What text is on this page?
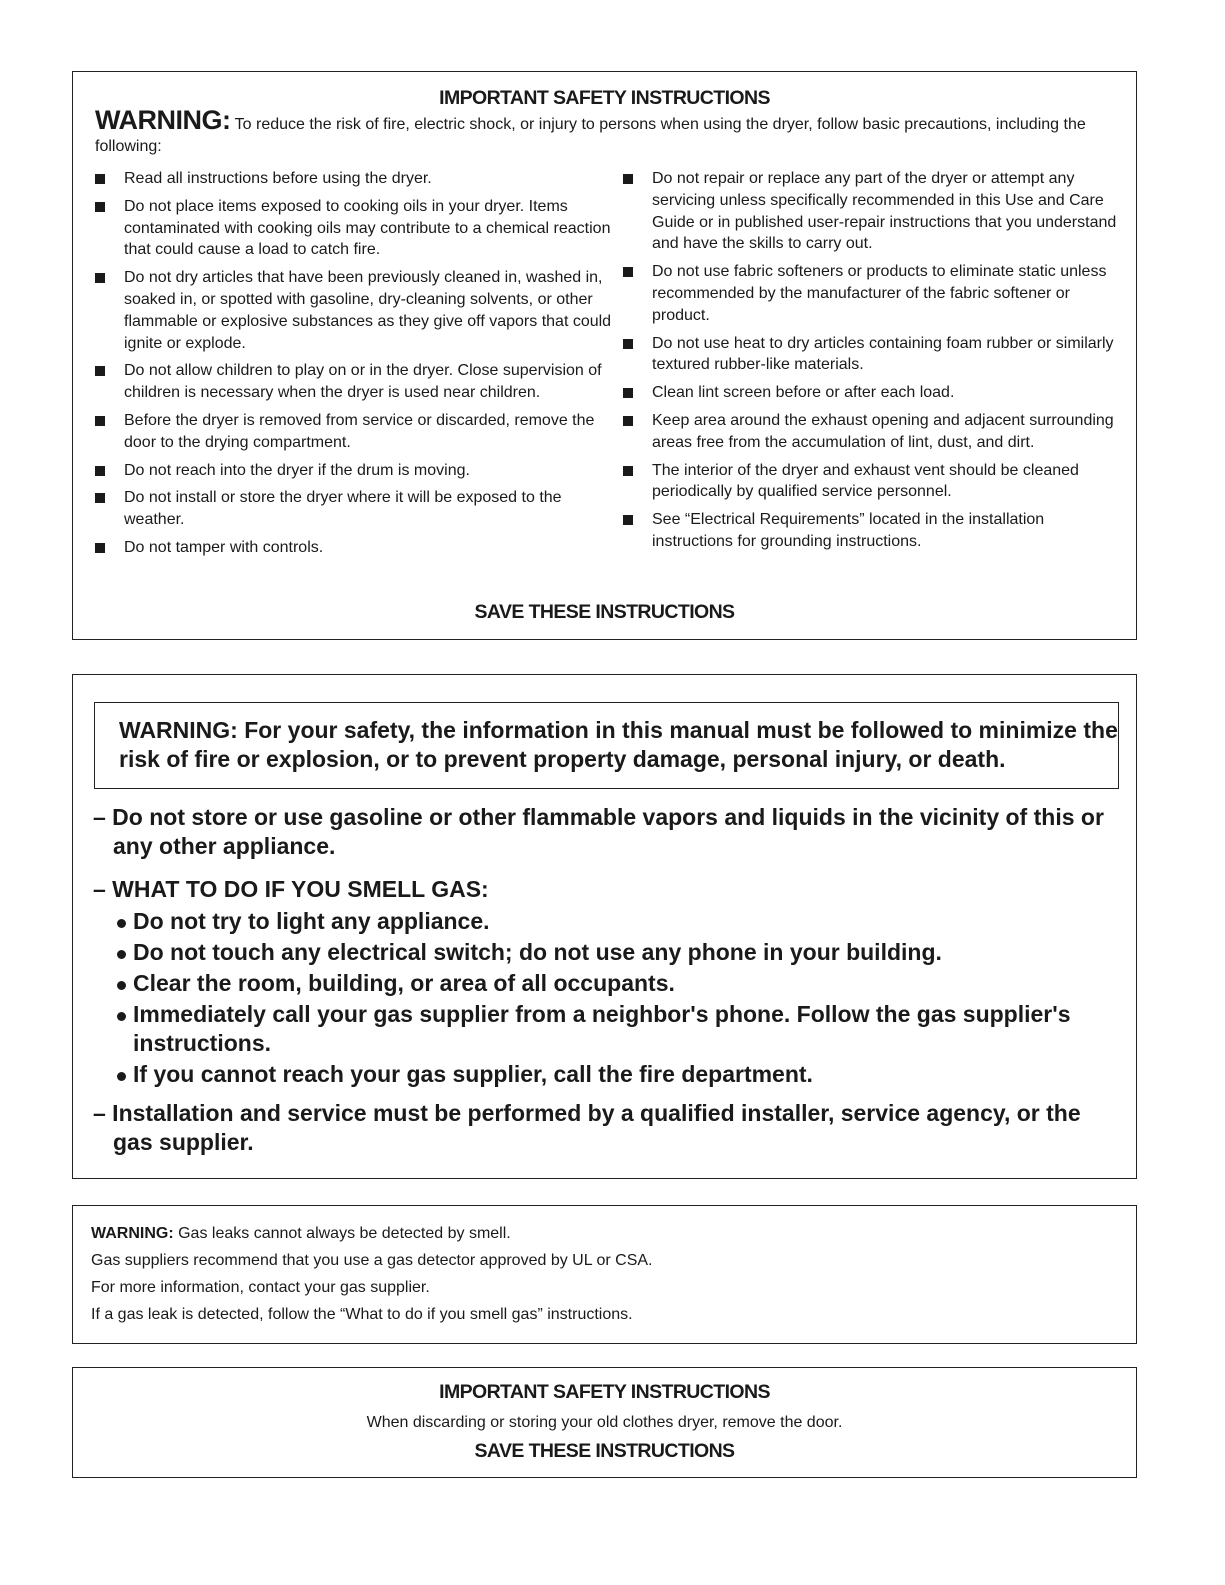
IMPORTANT SAFETY INSTRUCTIONS
WARNING: To reduce the risk of fire, electric shock, or injury to persons when using the dryer, follow basic precautions, including the following:
Read all instructions before using the dryer.
Do not place items exposed to cooking oils in your dryer. Items contaminated with cooking oils may contribute to a chemical reaction that could cause a load to catch fire.
Do not dry articles that have been previously cleaned in, washed in, soaked in, or spotted with gasoline, dry-cleaning solvents, or other flammable or explosive substances as they give off vapors that could ignite or explode.
Do not allow children to play on or in the dryer. Close supervision of children is necessary when the dryer is used near children.
Before the dryer is removed from service or discarded, remove the door to the drying compartment.
Do not reach into the dryer if the drum is moving.
Do not install or store the dryer where it will be exposed to the weather.
Do not tamper with controls.
Do not repair or replace any part of the dryer or attempt any servicing unless specifically recommended in this Use and Care Guide or in published user-repair instructions that you understand and have the skills to carry out.
Do not use fabric softeners or products to eliminate static unless recommended by the manufacturer of the fabric softener or product.
Do not use heat to dry articles containing foam rubber or similarly textured rubber-like materials.
Clean lint screen before or after each load.
Keep area around the exhaust opening and adjacent surrounding areas free from the accumulation of lint, dust, and dirt.
The interior of the dryer and exhaust vent should be cleaned periodically by qualified service personnel.
See “Electrical Requirements” located in the installation instructions for grounding instructions.
SAVE THESE INSTRUCTIONS
WARNING: For your safety, the information in this manual must be followed to minimize the risk of fire or explosion, or to prevent property damage, personal injury, or death.
– Do not store or use gasoline or other flammable vapors and liquids in the vicinity of this or any other appliance.
– WHAT TO DO IF YOU SMELL GAS:
Do not try to light any appliance.
Do not touch any electrical switch; do not use any phone in your building.
Clear the room, building, or area of all occupants.
Immediately call your gas supplier from a neighbor's phone. Follow the gas supplier's instructions.
If you cannot reach your gas supplier, call the fire department.
– Installation and service must be performed by a qualified installer, service agency, or the gas supplier.
WARNING: Gas leaks cannot always be detected by smell.
Gas suppliers recommend that you use a gas detector approved by UL or CSA.
For more information, contact your gas supplier.
If a gas leak is detected, follow the “What to do if you smell gas” instructions.
IMPORTANT SAFETY INSTRUCTIONS
When discarding or storing your old clothes dryer, remove the door.
SAVE THESE INSTRUCTIONS
